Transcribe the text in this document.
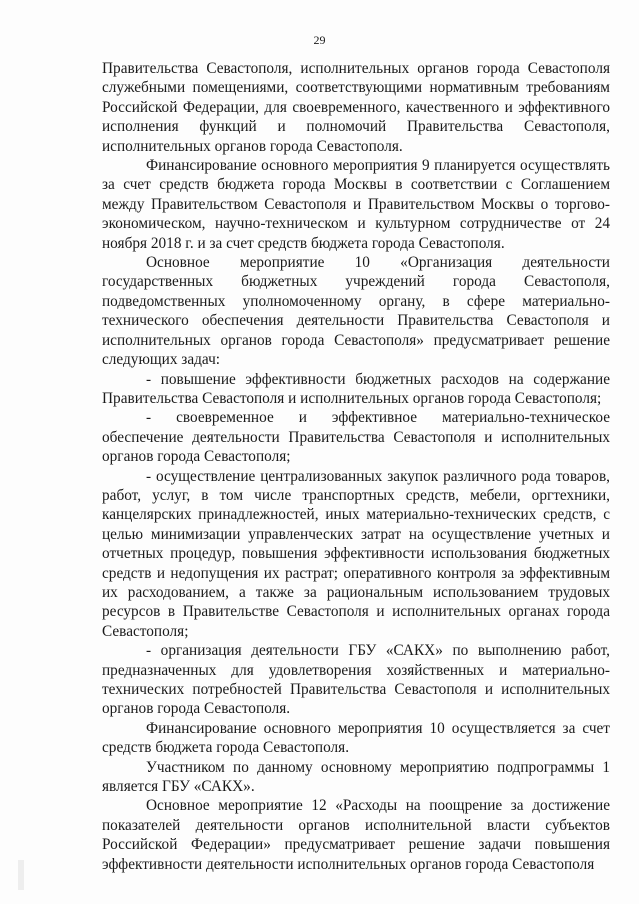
29

Правительства Севастополя, исполнительных органов города Севастополя служебными помещениями, соответствующими нормативным требованиям Российской Федерации, для своевременного, качественного и эффективного исполнения функций и полномочий Правительства Севастополя, исполнительных органов города Севастополя.

Финансирование основного мероприятия 9 планируется осуществлять за счет средств бюджета города Москвы в соответствии с Соглашением между Правительством Севастополя и Правительством Москвы о торгово-экономическом, научно-техническом и культурном сотрудничестве от 24 ноября 2018 г. и за счет средств бюджета города Севастополя.

Основное мероприятие 10 «Организация деятельности государственных бюджетных учреждений города Севастополя, подведомственных уполномоченному органу, в сфере материально-технического обеспечения деятельности Правительства Севастополя и исполнительных органов города Севастополя» предусматривает решение следующих задач:

- повышение эффективности бюджетных расходов на содержание Правительства Севастополя и исполнительных органов города Севастополя;

- своевременное и эффективное материально-техническое обеспечение деятельности Правительства Севастополя и исполнительных органов города Севастополя;

- осуществление централизованных закупок различного рода товаров, работ, услуг, в том числе транспортных средств, мебели, оргтехники, канцелярских принадлежностей, иных материально-технических средств, с целью минимизации управленческих затрат на осуществление учетных и отчетных процедур, повышения эффективности использования бюджетных средств и недопущения их растрат; оперативного контроля за эффективным их расходованием, а также за рациональным использованием трудовых ресурсов в Правительстве Севастополя и исполнительных органах города Севастополя;

- организация деятельности ГБУ «САКХ» по выполнению работ, предназначенных для удовлетворения хозяйственных и материально-технических потребностей Правительства Севастополя и исполнительных органов города Севастополя.

Финансирование основного мероприятия 10 осуществляется за счет средств бюджета города Севастополя.

Участником по данному основному мероприятию подпрограммы 1 является ГБУ «САКХ».

Основное мероприятие 12 «Расходы на поощрение за достижение показателей деятельности органов исполнительной власти субъектов Российской Федерации» предусматривает решение задачи повышения эффективности деятельности исполнительных органов города Севастополя
